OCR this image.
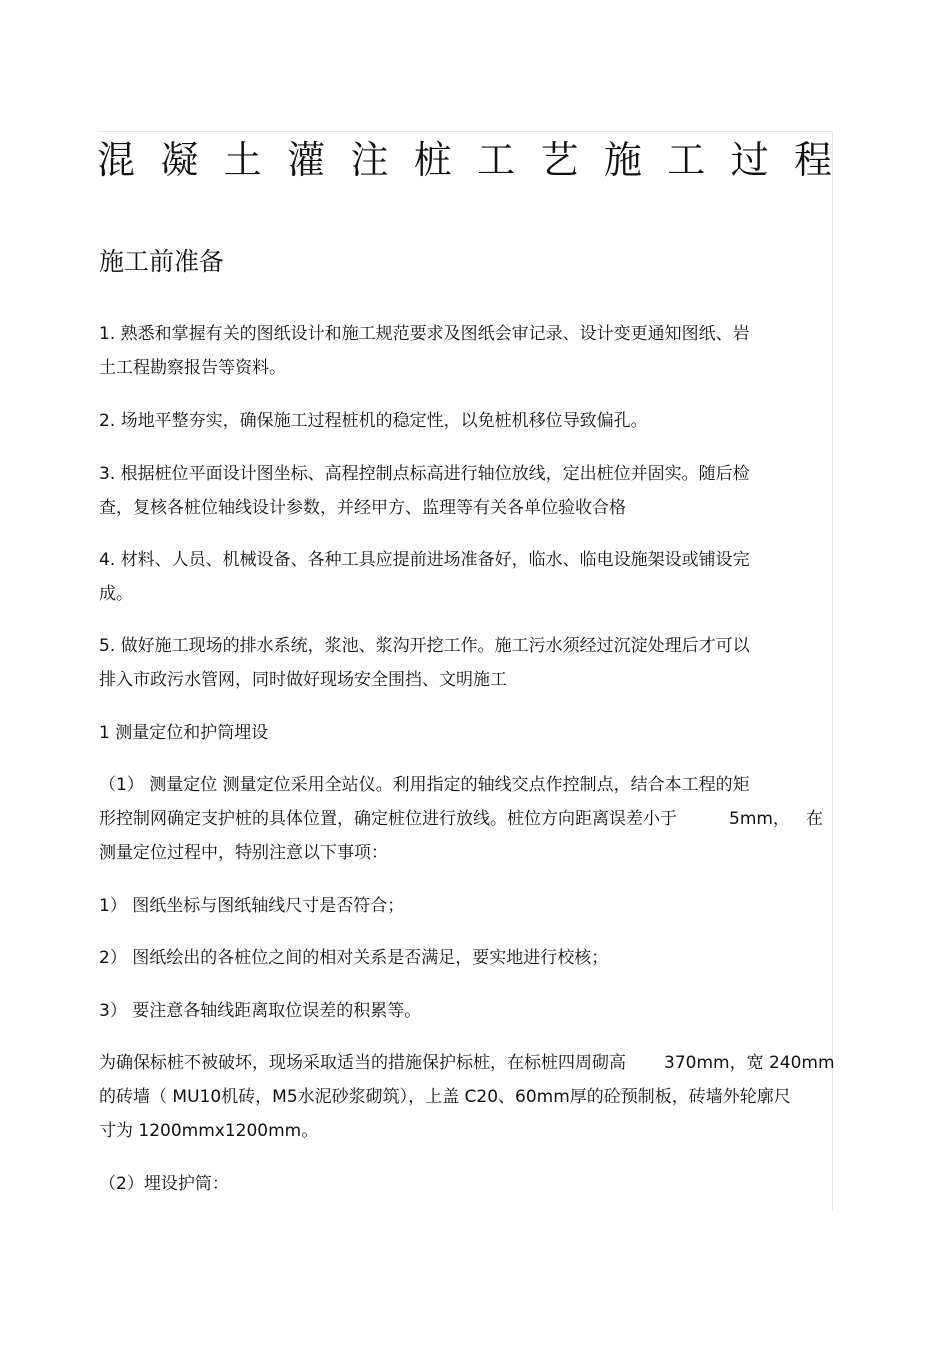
混 凝 土 灌 注 桩 工 艺 施 工 过 程
施工前准备
1. 熟悉和掌握有关的图纸设计和施工规范要求及图纸会审记录、设计变更通知图纸、岩
土工程勘察报告等资料。
2. 场地平整夯实，确保施工过程桩机的稳定性，以免桩机移位导致偏孔。
3. 根据桩位平面设计图坐标、高程控制点标高进行轴位放线，定出桩位并固实。随后检
查，复核各桩位轴线设计参数，并经甲方、监理等有关各单位验收合格
4. 材料、人员、机械设备、各种工具应提前进场准备好，临水、临电设施架设或铺设完
成。
5. 做好施工现场的排水系统，浆池、浆沟开挖工作。施工污水须经过沉淀处理后才可以
排入市政污水管网，同时做好现场安全围挡、文明施工
1 测量定位和护筒埋设
（1） 测量定位 测量定位采用全站仪。利用指定的轴线交点作控制点，结合本工程的矩
形控制网确定支护桩的具体位置，确定桩位进行放线。桩位方向距离误差小于	5mm， 在
测量定位过程中，特别注意以下事项：
1） 图纸坐标与图纸轴线尺寸是否符合；
2） 图纸绘出的各桩位之间的相对关系是否满足，要实地进行校核；
3） 要注意各轴线距离取位误差的积累等。
为确保标桩不被破坏，现场采取适当的措施保护标桩，在标桩四周砌高 370mm，宽 240mm
的砖墙（ MU10机砖，M5水泥砂浆砌筑），上盖 C20、60mm厚的砼预制板，砖墙外轮廓尺
寸为 1200mmx1200mm。
（2）埋设护筒：
